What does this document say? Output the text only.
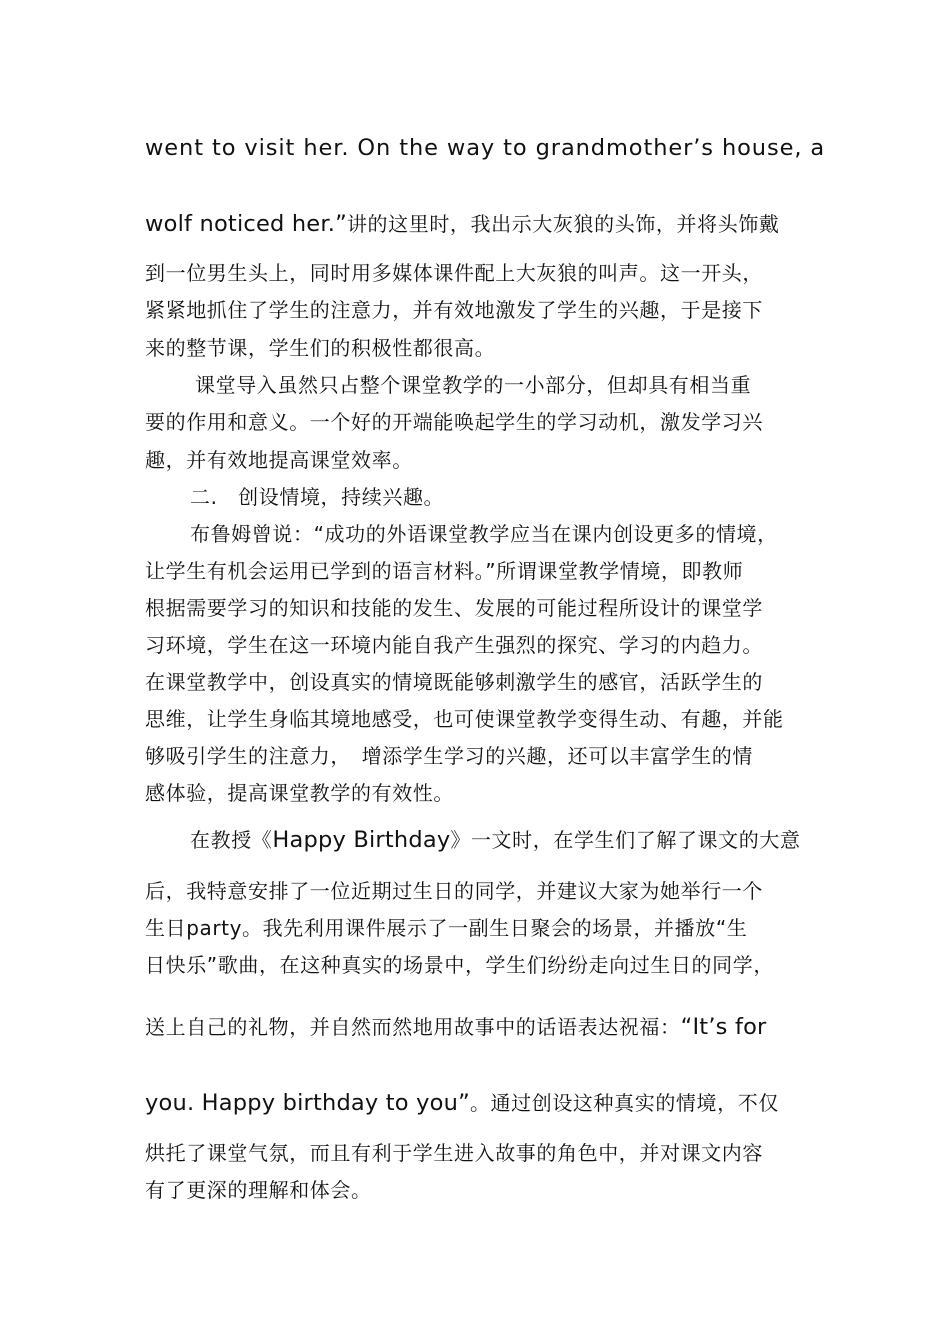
went to visit her. On the way to grandmother’s house, a
wolf noticed her.”讲的这里时，我出示大灰狼的头饰，并将头饰戴
到一位男生头上，同时用多媒体课件配上大灰狼的叫声。这一开头，
紧紧地抓住了学生的注意力，并有效地激发了学生的兴趣，于是接下
来的整节课，学生们的积极性都很高。
课堂导入虽然只占整个课堂教学的一小部分，但却具有相当重
要的作用和意义。一个好的开端能唤起学生的学习动机，激发学习兴
趣，并有效地提高课堂效率。
二.　创设情境，持续兴趣。
布鲁姆曾说：“成功的外语课堂教学应当在课内创设更多的情境，
让学生有机会运用已学到的语言材料。”所谓课堂教学情境，即教师
根据需要学习的知识和技能的发生、发展的可能过程所设计的课堂学
习环境，学生在这一环境内能自我产生强烈的探究、学习的内趋力。
在课堂教学中，创设真实的情境既能够刺激学生的感官，活跃学生的
思维，让学生身临其境地感受，也可使课堂教学变得生动、有趣，并能
够吸引学生的注意力，　增添学生学习的兴趣，还可以丰富学生的情
感体验，提高课堂教学的有效性。
在教授《Happy Birthday》一文时，在学生们了解了课文的大意
后，我特意安排了一位近期过生日的同学，并建议大家为她举行一个
生日party。我先利用课件展示了一副生日聚会的场景，并播放“生
日快乐”歌曲，在这种真实的场景中，学生们纷纷走向过生日的同学，
送上自己的礼物，并自然而然地用故事中的话语表达祝福：“It’s for
you. Happy birthday to you”。通过创设这种真实的情境，不仅
烘托了课堂气氛，而且有利于学生进入故事的角色中，并对课文内容
有了更深的理解和体会。
